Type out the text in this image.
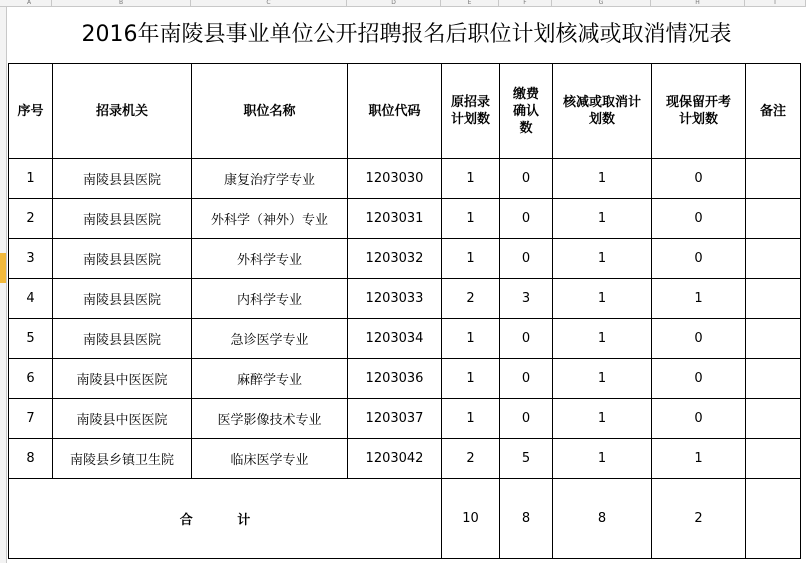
A	B	C	D	E	F	G	H	I
2016年南陵县事业单位公开招聘报名后职位计划核减或取消情况表
序号	招录机关	职位名称	职位代码	原招录计划数	缴费确认数	核减或取消计划数	现保留开考计划数	备注
1	南陵县县医院	康复治疗学专业	1203030	1	0	1	0	
2	南陵县县医院	外科学（神外）专业	1203031	1	0	1	0	
3	南陵县县医院	外科学专业	1203032	1	0	1	0	
4	南陵县县医院	内科学专业	1203033	2	3	1	1	
5	南陵县县医院	急诊医学专业	1203034	1	0	1	0	
6	南陵县中医医院	麻醉学专业	1203036	1	0	1	0	
7	南陵县中医医院	医学影像技术专业	1203037	1	0	1	0	
8	南陵县乡镇卫生院	临床医学专业	1203042	2	5	1	1	
合 计				10	8	8	2	
